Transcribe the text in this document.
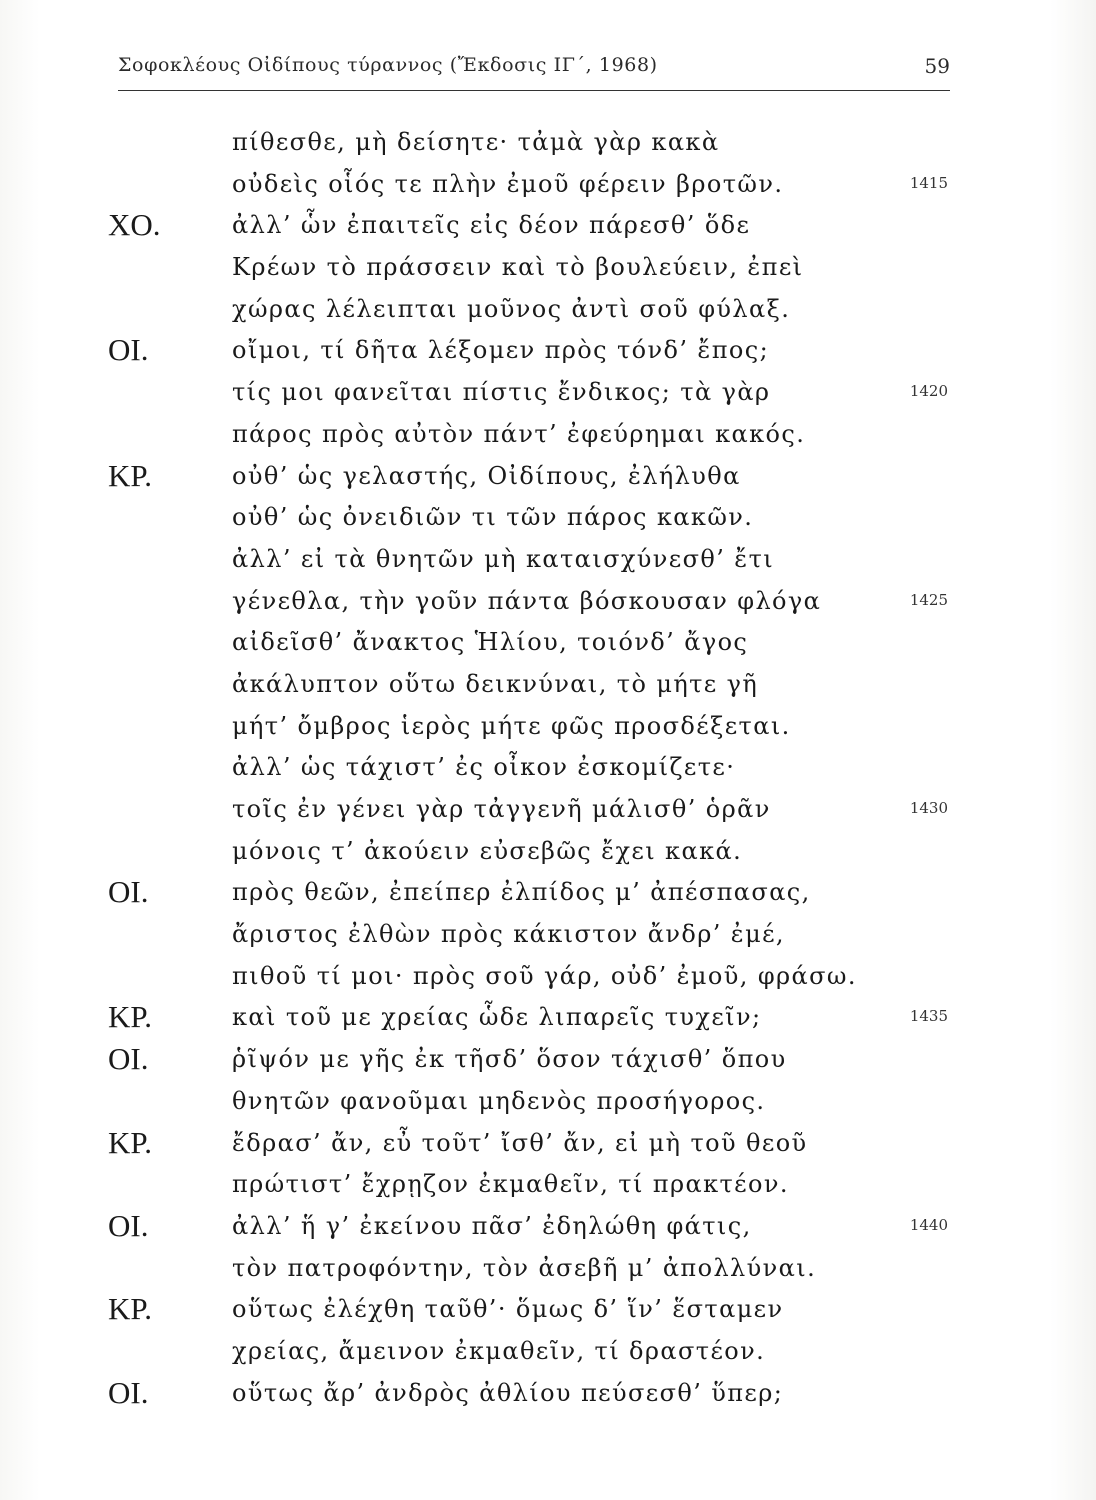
Σοφοκλέους Οἰδίπους τύραννος (Ἔκδοσις ΙΓ΄, 1968)	59
πίθεσθε, μὴ δείσητε· τἀμὰ γὰρ κακὰ
οὐδεὶς οἷός τε πλὴν ἐμοῦ φέρειν βροτῶν.	1415
ΧΟ.	ἀλλ’ ὧν ἐπαιτεῖς εἰς δέον πάρεσθ’ ὅδε
Κρέων τὸ πράσσειν καὶ τὸ βουλεύειν, ἐπεὶ
χώρας λέλειπται μοῦνος ἀντὶ σοῦ φύλαξ.
ΟΙ.	οἴμοι, τί δῆτα λέξομεν πρὸς τόνδ’ ἔπος;
τίς μοι φανεῖται πίστις ἔνδικος; τὰ γὰρ	1420
πάρος πρὸς αὐτὸν πάντ’ ἐφεύρημαι κακός.
ΚΡ.	οὐθ’ ὡς γελαστής, Οἰδίπους, ἐλήλυθα
οὐθ’ ὡς ὀνειδιῶν τι τῶν πάρος κακῶν.
ἀλλ’ εἰ τὰ θνητῶν μὴ καταισχύνεσθ’ ἔτι
γένεθλα, τὴν γοῦν πάντα βόσκουσαν φλόγα	1425
αἰδεῖσθ’ ἄνακτος Ἡλίου, τοιόνδ’ ἄγος
ἀκάλυπτον οὕτω δεικνύναι, τὸ μήτε γῆ
μήτ’ ὄμβρος ἱερὸς μήτε φῶς προσδέξεται.
ἀλλ’ ὡς τάχιστ’ ἐς οἶκον ἐσκομίζετε·
τοῖς ἐν γένει γὰρ τἀγγενῆ μάλισθ’ ὁρᾶν	1430
μόνοις τ’ ἀκούειν εὐσεβῶς ἔχει κακά.
ΟΙ.	πρὸς θεῶν, ἐπείπερ ἐλπίδος μ’ ἀπέσπασας,
ἄριστος ἐλθὼν πρὸς κάκιστον ἄνδρ’ ἐμέ,
πιθοῦ τί μοι· πρὸς σοῦ γάρ, οὐδ’ ἐμοῦ, φράσω.
ΚΡ.	καὶ τοῦ με χρείας ὧδε λιπαρεῖς τυχεῖν;	1435
ΟΙ.	ῥῖψόν με γῆς ἐκ τῆσδ’ ὅσον τάχισθ’ ὅπου
θνητῶν φανοῦμαι μηδενὸς προσήγορος.
ΚΡ.	ἔδρασ’ ἄν, εὖ τοῦτ’ ἴσθ’ ἄν, εἰ μὴ τοῦ θεοῦ
πρώτιστ’ ἔχρῃζον ἐκμαθεῖν, τί πρακτέον.
ΟΙ.	ἀλλ’ ἥ γ’ ἐκείνου πᾶσ’ ἐδηλώθη φάτις,	1440
τὸν πατροφόντην, τὸν ἀσεβῆ μ’ ἀπολλύναι.
ΚΡ.	οὕτως ἐλέχθη ταῦθ’· ὅμως δ’ ἵν’ ἕσταμεν
χρείας, ἄμεινον ἐκμαθεῖν, τί δραστέον.
ΟΙ.	οὕτως ἄρ’ ἀνδρὸς ἀθλίου πεύσεσθ’ ὕπερ;
